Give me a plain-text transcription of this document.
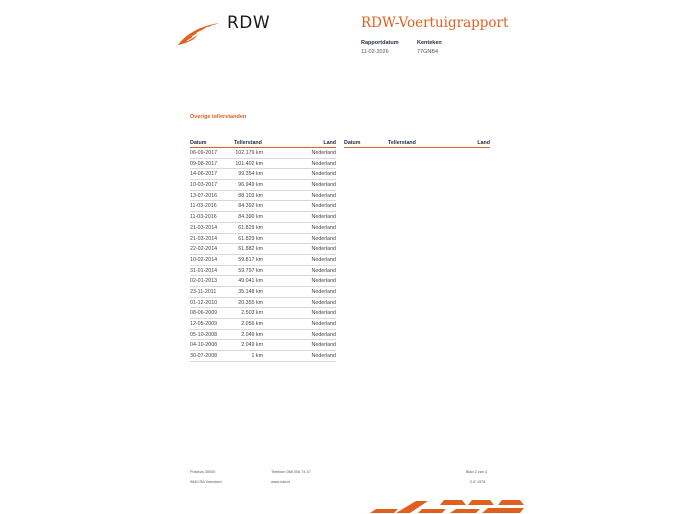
RDW	RDW-Voertuigrapport
Rapportdatum
11-02-2026
Kenteken
77GNB4
Overige tellerstanden
Datum	Tellerstand	Land
06-09-2017	102.179 km	Nederland
09-08-2017	101.402 km	Nederland
14-06-2017	99.354 km	Nederland
10-03-2017	96.949 km	Nederland
13-07-2016	88.103 km	Nederland
11-03-2016	84.392 km	Nederland
11-03-2016	84.390 km	Nederland
21-03-2014	61.829 km	Nederland
21-03-2014	61.829 km	Nederland
22-02-2014	61.882 km	Nederland
10-02-2014	59.817 km	Nederland
31-01-2014	59.797 km	Nederland
02-01-2013	49.041 km	Nederland
23-11-2011	35.148 km	Nederland
01-12-2010	20.355 km	Nederland
08-06-2009	2.503 km	Nederland
12-05-2009	2.056 km	Nederland
05-10-2008	2.049 km	Nederland
04-10-2008	2.049 km	Nederland
30-07-2008	1 km	Nederland
Datum	Tellerstand	Land
Postbus 30000
9640 RA Veendam
Telefoon 088 008 74 47
www.rdw.nl
Blad 2 van 4
2-E 1978
